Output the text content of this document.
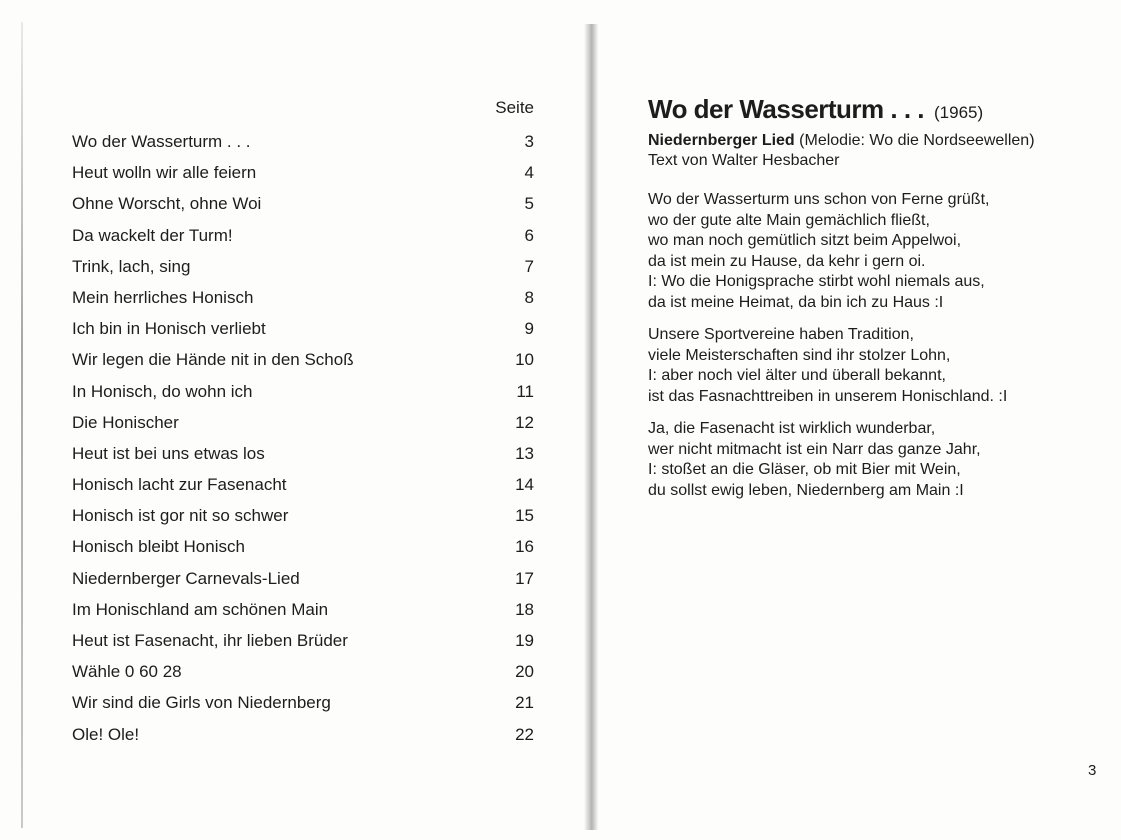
Seite
Wo der Wasserturm . . .	3
Heut wolln wir alle feiern	4
Ohne Worscht, ohne Woi	5
Da wackelt der Turm!	6
Trink, lach, sing	7
Mein herrliches Honisch	8
Ich bin in Honisch verliebt	9
Wir legen die Hände nit in den Schoß	10
In Honisch, do wohn ich	11
Die Honischer	12
Heut ist bei uns etwas los	13
Honisch lacht zur Fasenacht	14
Honisch ist gor nit so schwer	15
Honisch bleibt Honisch	16
Niedernberger Carnevals-Lied	17
Im Honischland am schönen Main	18
Heut ist Fasenacht, ihr lieben Brüder	19
Wähle 0 60 28	20
Wir sind die Girls von Niedernberg	21
Ole! Ole!	22

Wo der Wasserturm . . . (1965)

Niedernberger Lied (Melodie: Wo die Nordseewellen)
Text von Walter Hesbacher
Wo der Wasserturm uns schon von Ferne grüßt,
wo der gute alte Main gemächlich fließt,
wo man noch gemütlich sitzt beim Appelwoi,
da ist mein zu Hause, da kehr i gern oi.
I: Wo die Honigsprache stirbt wohl niemals aus,
da ist meine Heimat, da bin ich zu Haus :I
Unsere Sportvereine haben Tradition,
viele Meisterschaften sind ihr stolzer Lohn,
I: aber noch viel älter und überall bekannt,
ist das Fasnachttreiben in unserem Honischland. :I
Ja, die Fasenacht ist wirklich wunderbar,
wer nicht mitmacht ist ein Narr das ganze Jahr,
I: stoßet an die Gläser, ob mit Bier mit Wein,
du sollst ewig leben, Niedernberg am Main :I
3
